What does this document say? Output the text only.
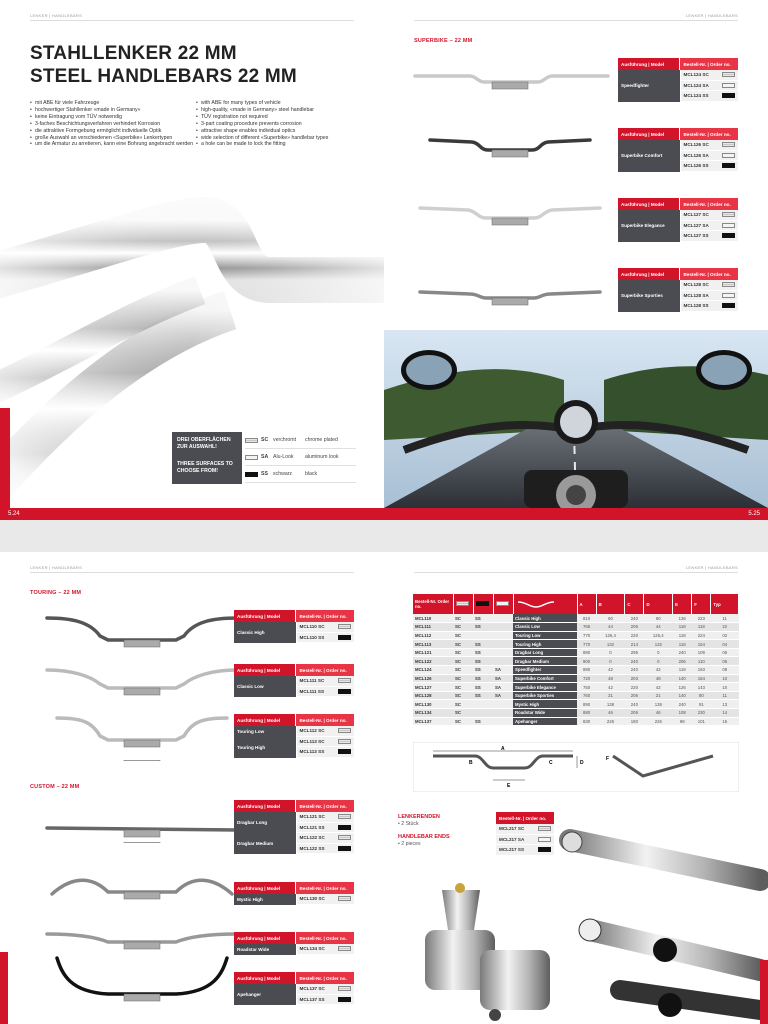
LENKER | HANDLEBARS
STAHLLENKER 22 MM
STEEL HANDLEBARS 22 MM
• mit ABE für viele Fahrzeuge
• hochwertiger Stahllenker «made in Germany»
• keine Eintragung vom TÜV notwendig
• 3-faches Beschichtungsverfahren verhindert Korrosion
• die attraktive Formgebung ermöglicht individuelle Optik
• große Auswahl an verschiedenen «Superbike» Lenkertypen
• um die Armatur zu arretieren, kann eine Bohrung angebracht werden
• with ABE for many types of vehicle
• high-quality, «made in Germany» steel handlebar
• TÜV registration not required
• 3-part coating procedure prevents corrosion
• attractive shape enables individual optics
• wide selection of different «Superbike» handlebar types
• a hole can be made to lock the fitting
DREI OBERFLÄCHEN ZUR AUSWAHL!
THREE SURFACES TO CHOOSE FROM!
SC verchromt	chrome plated
SA Alu-Look	aluminum look
SS schwarz	black
5.24
LENKER | HANDLEBARS
SUPERBIKE – 22 MM
Ausführung | Model	Bestell-Nr. | Order no.
Speedfighter
MCL124 SC
MCL124 SA
MCL124 SS
Ausführung | Model	Bestell-Nr. | Order no.
Superbike Comfort
MCL126 SC
MCL126 SA
MCL126 SS
Ausführung | Model	Bestell-Nr. | Order no.
Superbike Elegance
MCL127 SC
MCL127 SA
MCL127 SS
Ausführung | Model	Bestell-Nr. | Order no.
Superbike Sporties
MCL128 SC
MCL128 SA
MCL128 SS
5.25
LENKER | HANDLEBARS
TOURING – 22 MM
Ausführung | Model	Bestell-Nr. | Order no.
Classic High
MCL110 SC
MCL110 SS
Ausführung | Model	Bestell-Nr. | Order no.
Classic Low
MCL111 SC
MCL111 SS
Ausführung | Model	Bestell-Nr. | Order no.
Touring Low	MCL112 SC
Touring High
MCL113 SC
MCL113 SS
CUSTOM – 22 MM
Ausführung | Model	Bestell-Nr. | Order no.
Dragbar Long
MCL121 SC
MCL121 SS
Dragbar Medium
MCL122 SC
MCL122 SS
Ausführung | Model	Bestell-Nr. | Order no.
Mystic High	MCL130 SC
Ausführung | Model	Bestell-Nr. | Order no.
Roadstar Wide	MCL134 SC
Ausführung | Model	Bestell-Nr. | Order no.
Apehanger
MCL137 SC
MCL137 SS
LENKER | HANDLEBARS
Bestell-Nr. Order no.					A	B	C	D	E	F	Typ
MCL110	SC	SS		Classic High	810	60	240	60	136	223	11
MCL111	SC	SS		Classic Low	765	44	206	44	118	118	22
MCL112	SC			Touring Low	770	126,4	220	126,4	118	224	02
MCL113	SC	SS		Touring High	770	132	214	132	118	154	04
MCL121	SC	SS		Dragbar Long	880	0	295	0	240	109	06
MCL122	SC	SS		Dragbar Medium	800	0	240	0	206	110	06
MCL124	SC	SS	SA	Speedfighter	880	42	240	42	119	163	08
MCL126	SC	SS	SA	Superbike Comfort	720	48	203	48	140	164	10
MCL127	SC	SS	SA	Superbike Elegance	750	42	220	42	126	143	10
MCL128	SC	SS	SA	Superbike Sporties	760	21	206	21	140	80	11
MCL130	SC			Mystic High	890	138	240	138	240	91	13
MCL134	SC			Roadstar Wide	880	46	206	46	108	230	14
MCL137	SC	SS		Apehanger	830	226	180	226	98	101	16
A
B	C	D
E
F
LENKERENDEN
• 2 Stück
HANDLEBAR ENDS
• 2 pieces
Bestell-Nr. | Order no.
MCL217 SC
MCL217 SA
MCL217 SS
